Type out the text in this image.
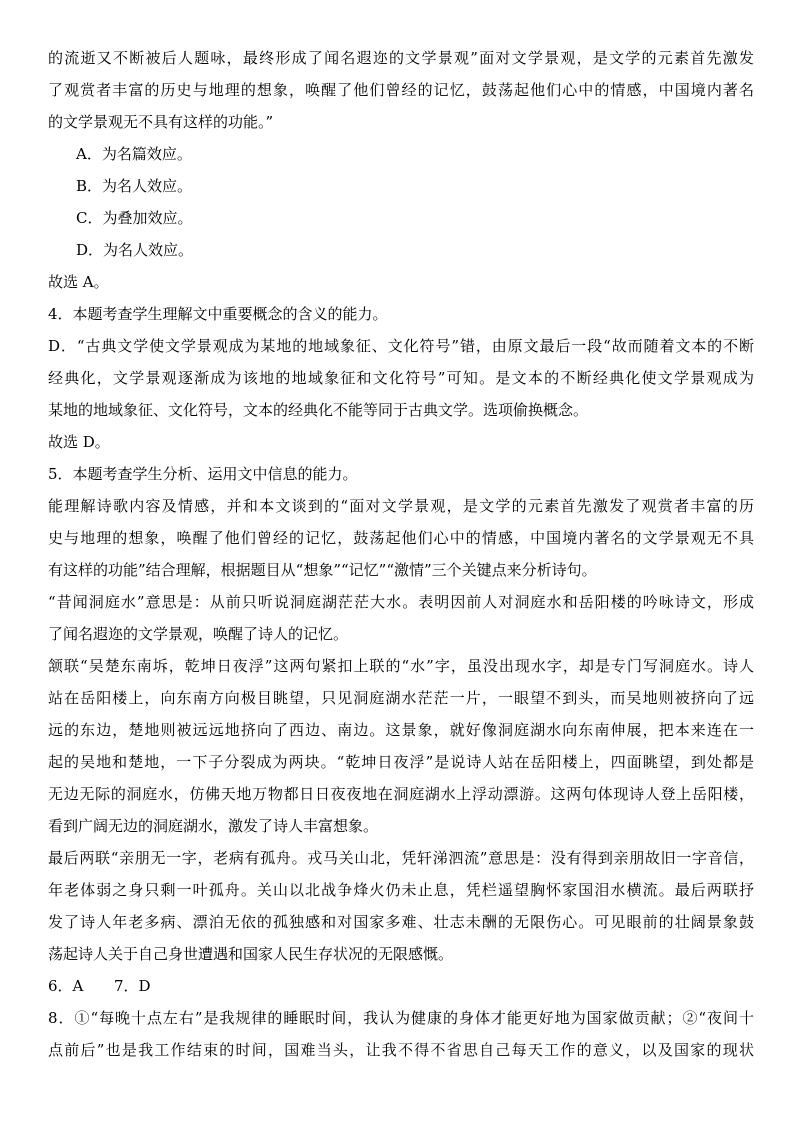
的流逝又不断被后人题咏，最终形成了闻名遐迩的文学景观”面对文学景观，是文学的元素首先激发
了观赏者丰富的历史与地理的想象，唤醒了他们曾经的记忆，鼓荡起他们心中的情感，中国境内著名
的文学景观无不具有这样的功能。”
A．为名篇效应。
B．为名人效应。
C．为叠加效应。
D．为名人效应。
故选 A。
4．本题考查学生理解文中重要概念的含义的能力。
D．“古典文学使文学景观成为某地的地域象征、文化符号”错，由原文最后一段“故而随着文本的不断
经典化，文学景观逐渐成为该地的地域象征和文化符号”可知。是文本的不断经典化使文学景观成为
某地的地域象征、文化符号，文本的经典化不能等同于古典文学。选项偷换概念。
故选 D。
5．本题考查学生分析、运用文中信息的能力。
能理解诗歌内容及情感，并和本文谈到的“面对文学景观，是文学的元素首先激发了观赏者丰富的历
史与地理的想象，唤醒了他们曾经的记忆，鼓荡起他们心中的情感，中国境内著名的文学景观无不具
有这样的功能”结合理解，根据题目从“想象”“记忆”“激情”三个关键点来分析诗句。
“昔闻洞庭水”意思是：从前只听说洞庭湖茫茫大水。表明因前人对洞庭水和岳阳楼的吟咏诗文，形成
了闻名遐迩的文学景观，唤醒了诗人的记忆。
颔联“吴楚东南坼，乾坤日夜浮”这两句紧扣上联的“水”字，虽没出现水字，却是专门写洞庭水。诗人
站在岳阳楼上，向东南方向极目眺望，只见洞庭湖水茫茫一片，一眼望不到头，而吴地则被挤向了远
远的东边，楚地则被远远地挤向了西边、南边。这景象，就好像洞庭湖水向东南伸展，把本来连在一
起的吴地和楚地，一下子分裂成为两块。“乾坤日夜浮”是说诗人站在岳阳楼上，四面眺望，到处都是
无边无际的洞庭水，仿佛天地万物都日日夜夜地在洞庭湖水上浮动漂游。这两句体现诗人登上岳阳楼，
看到广阔无边的洞庭湖水，激发了诗人丰富想象。
最后两联“亲朋无一字，老病有孤舟。戎马关山北，凭轩涕泗流”意思是：没有得到亲朋故旧一字音信，
年老体弱之身只剩一叶孤舟。关山以北战争烽火仍未止息，凭栏遥望胸怀家国泪水横流。最后两联抒
发了诗人年老多病、漂泊无依的孤独感和对国家多难、壮志未酬的无限伤心。可见眼前的壮阔景象鼓
荡起诗人关于自己身世遭遇和国家人民生存状况的无限感慨。
6．A 7．D
8．①“每晚十点左右”是我规律的睡眠时间，我认为健康的身体才能更好地为国家做贡献；②“夜间十
点前后”也是我工作结束的时间，国难当头，让我不得不省思自己每天工作的意义，以及国家的现状
